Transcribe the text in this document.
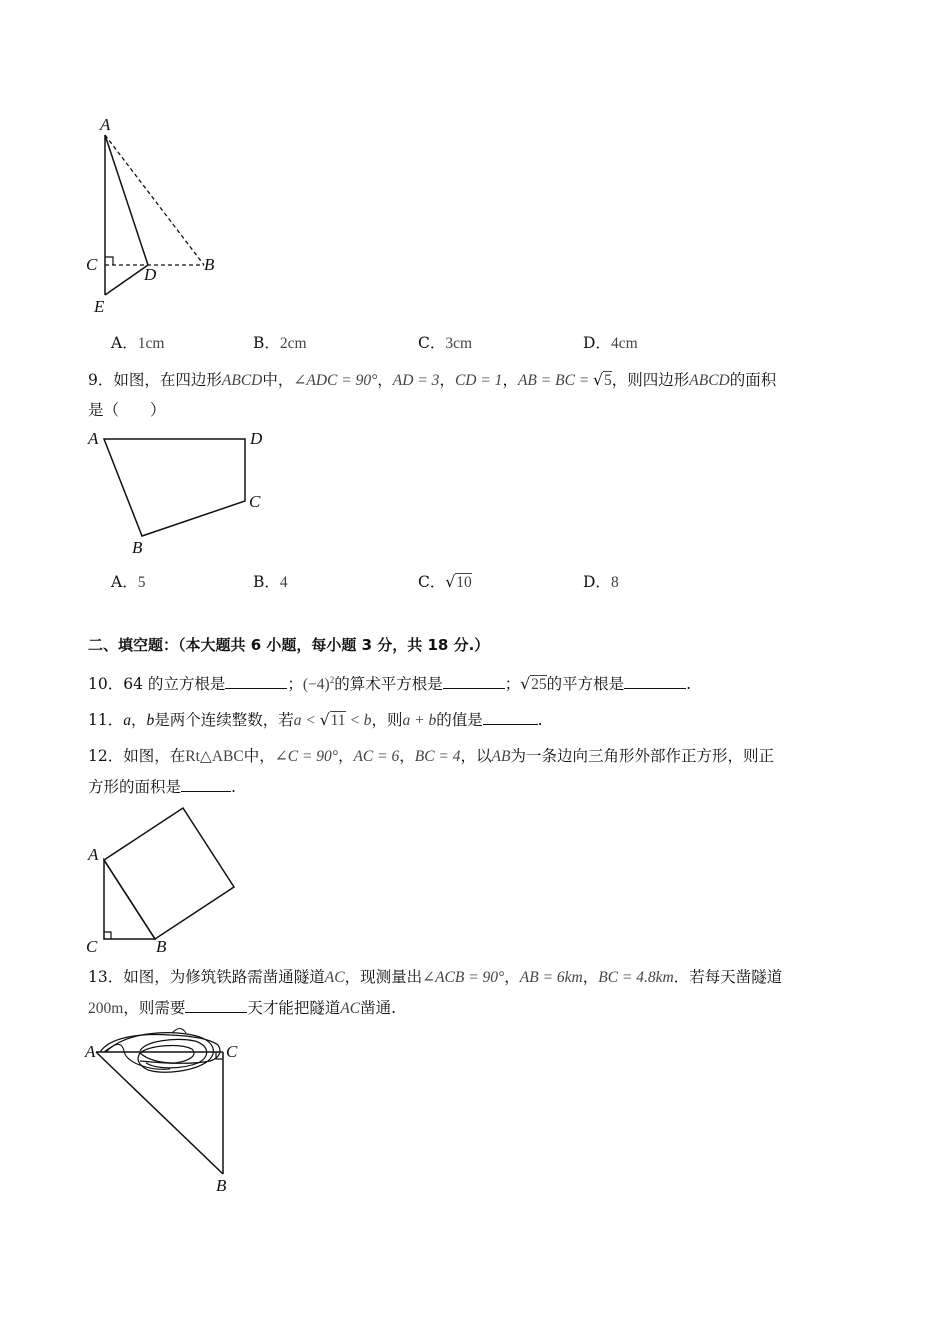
A
C
D
B
E
A．1cm	B．2cm	C．3cm	D．4cm
9．如图，在四边形ABCD中，∠ADC = 90°，AD = 3，CD = 1，AB = BC = √5，则四边形ABCD的面积
是（　　）
A	D
C
B
A．5	B．4	C．√10	D．8
二、填空题：（本大题共 6 小题，每小题 3 分，共 18 分.）
10．64 的立方根是	；$(-4)^2$的算术平方根是	；√25的平方根是	.
11．a，b是两个连续整数，若a < √11 < b，则a + b的值是	.
12．如图，在Rt△ABC中，∠C = 90°，AC = 6，BC = 4，以AB为一条边向三角形外部作正方形，则正
方形的面积是	.
A
C	B
13．如图，为修筑铁路需凿通隧道AC，现测量出∠ACB = 90°，AB = 6km，BC = 4.8km．若每天凿隧道
200m，则需要	天才能把隧道AC凿通.
A	C
B
